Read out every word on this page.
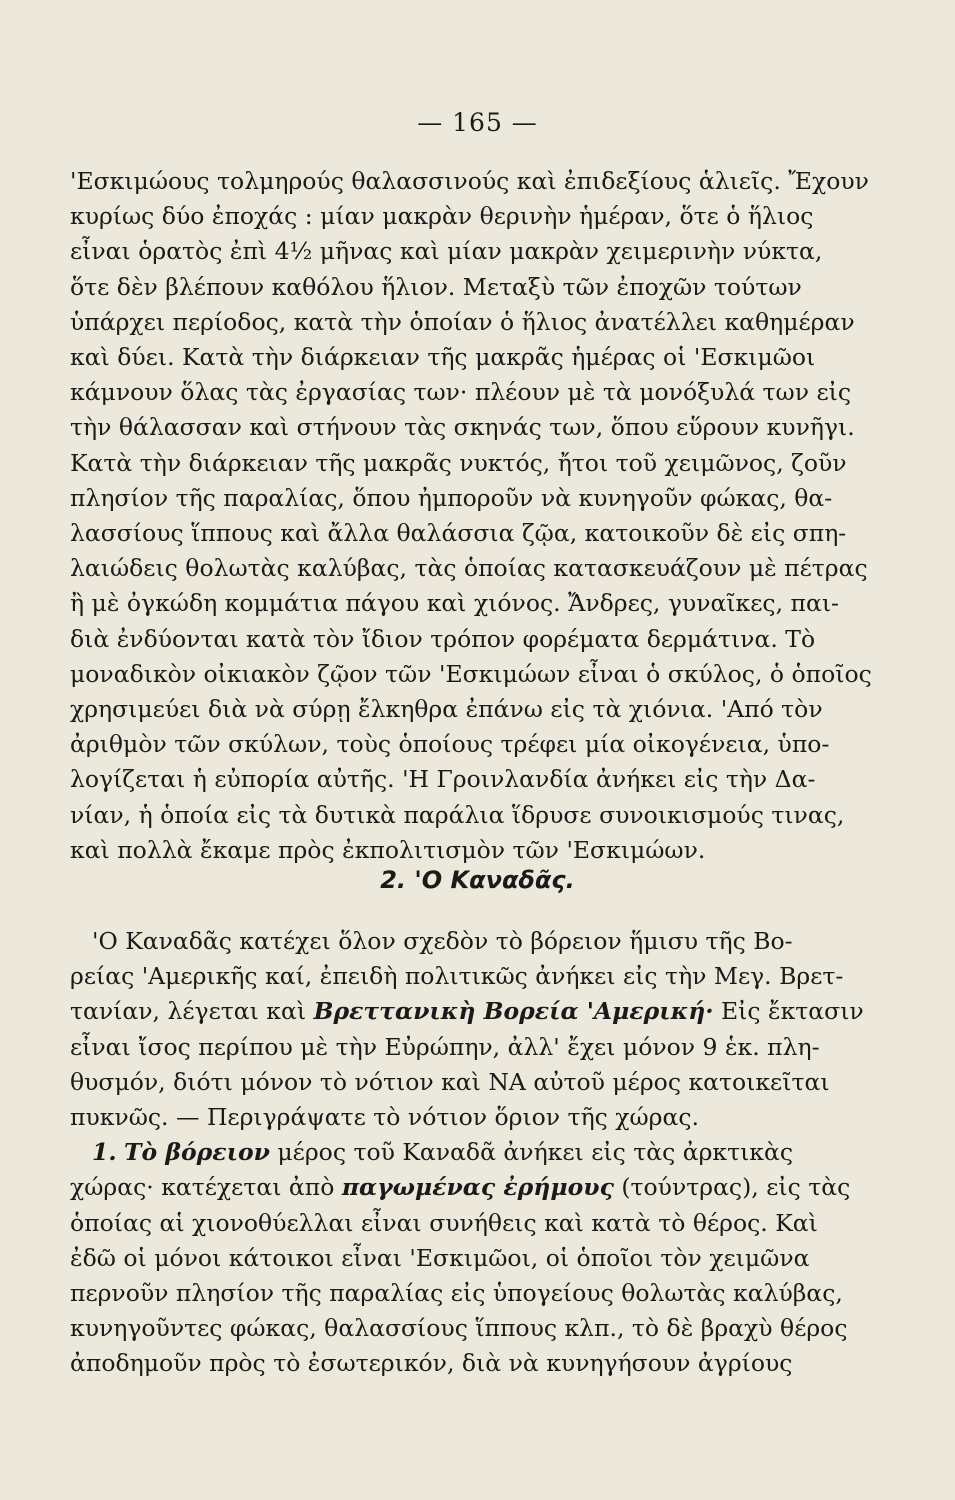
— 165 —
'Εσκιμώους τολμηρούς θαλασσινούς καὶ ἐπιδεξίους ἁλιεῖς. Ἔχουν
κυρίως δύο ἐποχάς : μίαν μακρὰν θερινὴν ἡμέραν, ὅτε ὁ ἥλιος
εἶναι ὁρατὸς ἐπὶ 4½ μῆνας καὶ μίαν μακρὰν χειμερινὴν νύκτα,
ὅτε δὲν βλέπουν καθόλου ἥλιον. Μεταξὺ τῶν ἐποχῶν τούτων
ὑπάρχει περίοδος, κατὰ τὴν ὁποίαν ὁ ἥλιος ἀνατέλλει καθημέραν
καὶ δύει. Κατὰ τὴν διάρκειαν τῆς μακρᾶς ἡμέρας οἱ 'Εσκιμῶοι
κάμνουν ὅλας τὰς ἐργασίας των· πλέουν μὲ τὰ μονόξυλά των εἰς
τὴν θάλασσαν καὶ στήνουν τὰς σκηνάς των, ὅπου εὕρουν κυνῆγι.
Κατὰ τὴν διάρκειαν τῆς μακρᾶς νυκτός, ἤτοι τοῦ χειμῶνος, ζοῦν
πλησίον τῆς παραλίας, ὅπου ἠμποροῦν νὰ κυνηγοῦν φώκας, θα-
λασσίους ἵππους καὶ ἄλλα θαλάσσια ζῷα, κατοικοῦν δὲ εἰς σπη-
λαιώδεις θολωτὰς καλύβας, τὰς ὁποίας κατασκευάζουν μὲ πέτρας
ἢ μὲ ὀγκώδη κομμάτια πάγου καὶ χιόνος. Ἄνδρες, γυναῖκες, παι-
διὰ ἐνδύονται κατὰ τὸν ἴδιον τρόπον φορέματα δερμάτινα. Τὸ
μοναδικὸν οἰκιακὸν ζῷον τῶν 'Εσκιμώων εἶναι ὁ σκύλος, ὁ ὁποῖος
χρησιμεύει διὰ νὰ σύρῃ ἔλκηθρα ἐπάνω εἰς τὰ χιόνια. 'Από τὸν
ἀριθμὸν τῶν σκύλων, τοὺς ὁποίους τρέφει μία οἰκογένεια, ὑπο-
λογίζεται ἡ εὐπορία αὐτῆς. 'Η Γροινλανδία ἀνήκει εἰς τὴν Δα-
νίαν, ἡ ὁποία εἰς τὰ δυτικὰ παράλια ἵδρυσε συνοικισμούς τινας,
καὶ πολλὰ ἔκαμε πρὸς ἐκπολιτισμὸν τῶν 'Εσκιμώων.
2. 'Ο Καναδᾶς.
'Ο Καναδᾶς κατέχει ὅλον σχεδὸν τὸ βόρειον ἥμισυ τῆς Βο-
ρείας 'Αμερικῆς καί, ἐπειδὴ πολιτικῶς ἀνήκει εἰς τὴν Μεγ. Βρετ-
τανίαν, λέγεται καὶ Βρεττανικὴ Βορεία 'Αμερική· Εἰς ἔκτασιν
εἶναι ἴσος περίπου μὲ τὴν Εὐρώπην, ἀλλ' ἔχει μόνον 9 ἑκ. πλη-
θυσμόν, διότι μόνον τὸ νότιον καὶ ΝΑ αὐτοῦ μέρος κατοικεῖται
πυκνῶς. — Περιγράψατε τὸ νότιον ὅριον τῆς χώρας.
1. Τὸ βόρειον μέρος τοῦ Καναδᾶ ἀνήκει εἰς τὰς ἀρκτικὰς
χώρας· κατέχεται ἀπὸ παγωμένας ἐρήμους (τούντρας), εἰς τὰς
ὁποίας αἱ χιονοθύελλαι εἶναι συνήθεις καὶ κατὰ τὸ θέρος. Καὶ
ἐδῶ οἱ μόνοι κάτοικοι εἶναι 'Εσκιμῶοι, οἱ ὁποῖοι τὸν χειμῶνα
περνοῦν πλησίον τῆς παραλίας εἰς ὑπογείους θολωτὰς καλύβας,
κυνηγοῦντες φώκας, θαλασσίους ἵππους κλπ., τὸ δὲ βραχὺ θέρος
ἀποδημοῦν πρὸς τὸ ἐσωτερικόν, διὰ νὰ κυνηγήσουν ἀγρίους
